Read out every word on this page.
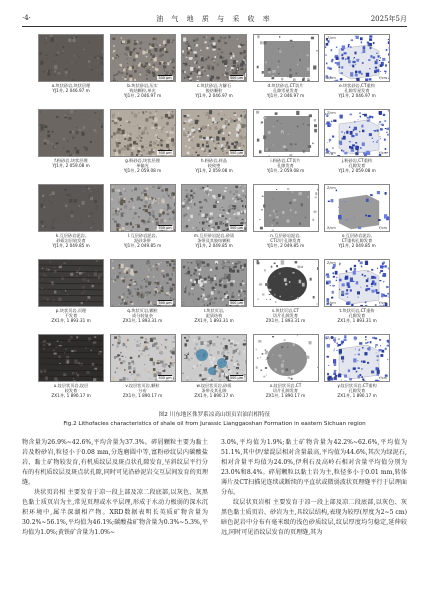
·4·	油 气 地 质 与 采 收 率	2025年5月
a.块状砂岩,块状层理
YJ1井, 2 046.97 m
500 μm
b.块状砂岩,压实
致结颗粒,单光
YJ1井, 2 046.97 m
500 μm
c.块状砂岩,方解石
胶结颗粒
YJ1井, 2 046.97 m
d.块状砂岩,CT切片
孔隙零星发育
YJ1井, 2 046.97 m
Z/cm
X/cm	Y/cm
e.块状砂岩,CT重构
孔隙零星发育
YJ1井, 2 046.97 m
f.粉砂岩,块状层理
YJ1井, 2 059.08 m
500 μm
g.粉砂岩,块状层理
单偏光
YJ1井, 2 059.08 m
500 μm
h.粉砂岩,样品
较致密
YJ1井, 2 059.08 m
i.粉砂岩,CT切片
孔隙发育
YJ1井, 2 059.08 m
Z/cm
X/cm	Y/cm
j.粉砂岩,CT重构
孔隙发育
YJ1井, 2 059.08 m
k.互层砂岩泥岩,
砂质岩层较发育
YJ1井, 2 049.85 m
500 μm
l.互层砂岩泥岩,
泥砂条带
YJ1井, 2 049.85 m
500 μm
m.互层砂岩泥岩,砂质
条带及其胶结颗粒
YJ1井, 2 049.85 m
n.互层砂岩泥岩,
CT切片孔隙发育
YJ1井, 2 049.85 m
Z/cm
X/cm	Y/cm
o.互层砂岩泥岩,
CT重构孔隙发育
YJ1井, 2 049.85 m
p.块状页岩,页理
不发育
ZX1井, 1 893.31 m
500 μm
q.块状页岩,颗粒
成分较复杂
ZX1井, 1 893.31 m
500 μm
r.块状页岩,
泥质结构
ZX1井, 1 893.31 m
s.块状页岩,CT
切片孔隙发育
ZX1井, 1 893.31 m
Z/cm
X/cm	Y/cm
t.块状页岩,CT重构
孔隙发育
ZX1井, 1 893.31 m
u.纹层状页岩,纹层
较发育
ZX1井, 1 890.17 m
500 μm
v.纹层状页岩,颗粒
分布
ZX1井, 1 890.17 m
500 μm
w.纹层状页岩,砂质
条带及其孔隙
ZX1井, 1 890.17 m
x.纹层状页岩,CT
切片孔隙发育
ZX1井, 1 890.17 m
Z/cm
X/cm	Y/cm
y.纹层状页岩,CT重构
孔隙发育
ZX1井, 1 890.17 m
图2 川东地区侏罗系凉高山组页岩油岩相特征
Fig.2 Lithofacies characteristics of shale oil from Jurassic Lianggaoshan Formation in eastern Sichuan region

物含量为26.9%~42.6%,平均含量为37.3%。碎屑颗粒主要为黏土岩及粉砂岩,粒径小于0.08 mm,分选磨圆中等,富粉砂纹层内碳酸盐岩、黏土矿物较发育,有机质纹层及斑点状孔隙发育,呈斜纹层平行分布的有机质纹层及斑点状孔隙,同时可见沿砂泥岩交互层间发育的页理缝。

块状页岩相 主要发育于凉一段上部及凉二段底部,以灰色、灰黑色黏土质页岩为主,常见页理或水平层理,形成于水动力极弱的深水沉积环境中,属半深湖相产物。XRD数据表明长英质矿物含量为30.2%~56.1%,平均值为46.1%;碳酸盐矿物含量为0.3%~5.3%,平均值为1.0%;黄铁矿含量为1.0%~

3.0%,平均值为1.9%;黏土矿物含量为42.2%~62.6%,平均值为51.1%,其中伊/蒙混层相对含量最高,平均值为44.6%,其次为绿泥石,相对含量平均值为24.0%,伊利石及高岭石相对含量平均值分别为23.0%和8.4%。碎屑颗粒以黏土岩为主,粒径多小于0.01 mm,转体薄片及CT扫描见连续或断续的平直状或微弱波状页理缝平行于层理面分布。

纹层状页岩相 主要发育于凉一段上部及凉二段底部,以灰色、灰黑色黏土质页岩、砂岩为主,具纹层结构,表现为较厚(厚度为2~5 cm)暗色泥岩中分布有毫米级的浅色砂质纹层,纹层厚度均匀稳定,延伸较远,同时可见沿纹层发育的页理缝,其为
